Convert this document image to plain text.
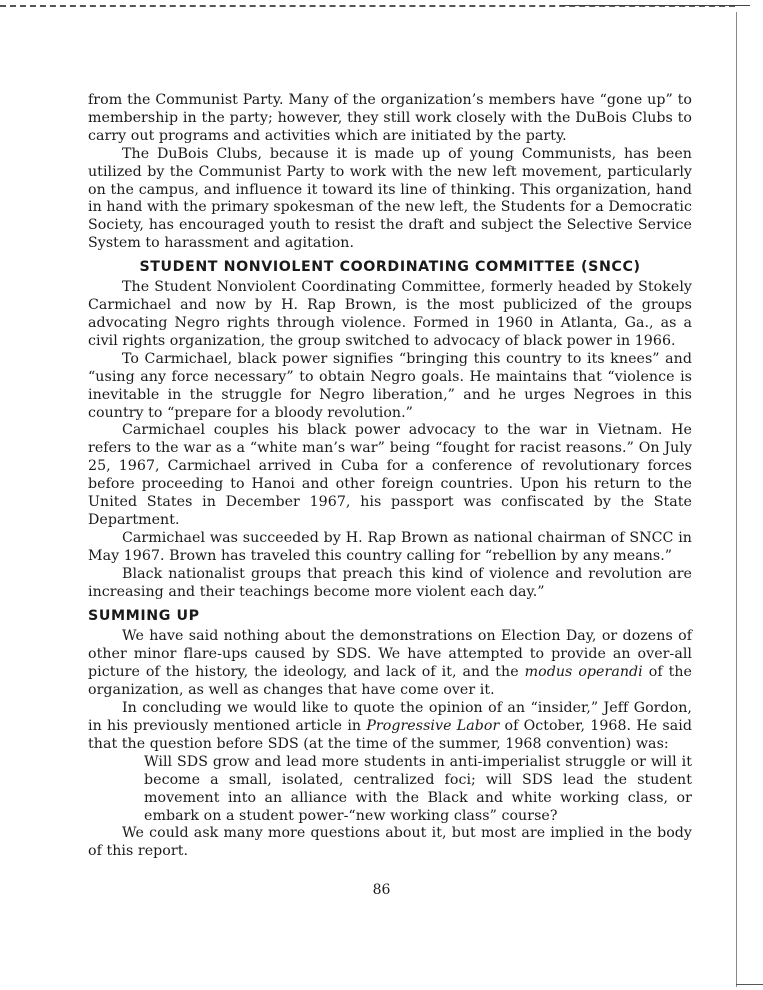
from the Communist Party. Many of the organization’s members have “gone up” to membership in the party; however, they still work closely with the DuBois Clubs to carry out programs and activities which are initiated by the party.

The DuBois Clubs, because it is made up of young Communists, has been utilized by the Communist Party to work with the new left movement, particularly on the campus, and influence it toward its line of thinking. This organization, hand in hand with the primary spokesman of the new left, the Students for a Democratic Society, has encouraged youth to resist the draft and subject the Selective Service System to harassment and agitation.

STUDENT NONVIOLENT COORDINATING COMMITTEE (SNCC)

The Student Nonviolent Coordinating Committee, formerly headed by Stokely Carmichael and now by H. Rap Brown, is the most publicized of the groups advocating Negro rights through violence. Formed in 1960 in Atlanta, Ga., as a civil rights organization, the group switched to advocacy of black power in 1966.

To Carmichael, black power signifies “bringing this country to its knees” and “using any force necessary” to obtain Negro goals. He maintains that “violence is inevitable in the struggle for Negro liberation,” and he urges Negroes in this country to “prepare for a bloody revolution.”

Carmichael couples his black power advocacy to the war in Vietnam. He refers to the war as a “white man’s war” being “fought for racist reasons.” On July 25, 1967, Carmichael arrived in Cuba for a conference of revolutionary forces before proceeding to Hanoi and other foreign countries. Upon his return to the United States in December 1967, his passport was confiscated by the State Department.

Carmichael was succeeded by H. Rap Brown as national chairman of SNCC in May 1967. Brown has traveled this country calling for “rebellion by any means.”

Black nationalist groups that preach this kind of violence and revolution are increasing and their teachings become more violent each day.”

SUMMING UP

We have said nothing about the demonstrations on Election Day, or dozens of other minor flare-ups caused by SDS. We have attempted to provide an over-all picture of the history, the ideology, and lack of it, and the modus operandi of the organization, as well as changes that have come over it.

In concluding we would like to quote the opinion of an “insider,” Jeff Gordon, in his previously mentioned article in Progressive Labor of October, 1968. He said that the question before SDS (at the time of the summer, 1968 convention) was:

Will SDS grow and lead more students in anti-imperialist struggle or will it become a small, isolated, centralized foci; will SDS lead the student movement into an alliance with the Black and white working class, or embark on a student power-“new working class” course?

We could ask many more questions about it, but most are implied in the body of this report.

86
